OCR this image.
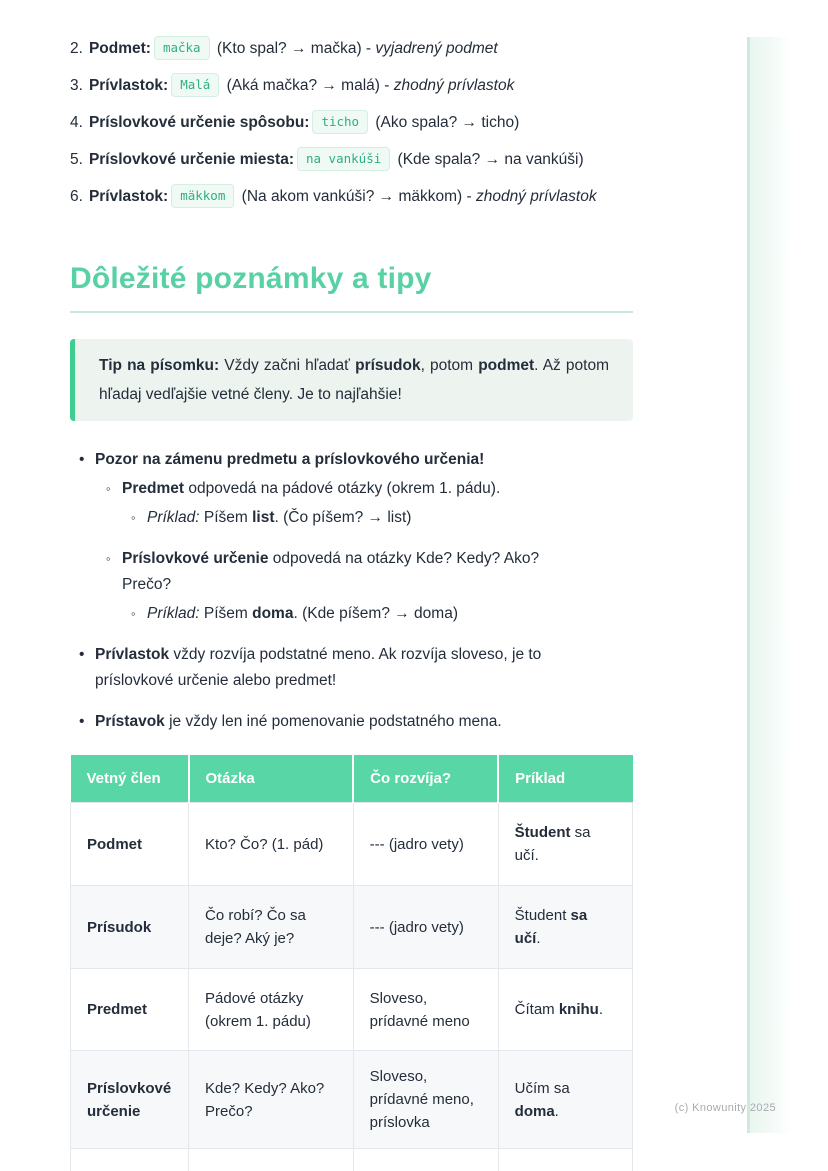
(c) Knowunity 2025
2. Podmet: mačka (Kto spal? → mačka) - vyjadrený podmet
3. Prívlastok: Malá (Aká mačka? → malá) - zhodný prívlastok
4. Príslovkové určenie spôsobu: ticho (Ako spala? → ticho)
5. Príslovkové určenie miesta: na vankúši (Kde spala? → na vankúši)
6. Prívlastok: mäkkom (Na akom vankúši? → mäkkom) - zhodný prívlastok
Dôležité poznámky a tipy

Tip na písomku: Vždy začni hľadať prísudok, potom podmet. Až potom hľadaj vedľajšie vetné členy. Je to najľahšie!

• Pozor na zámenu predmetu a príslovkového určenia!
◦ Predmet odpovedá na pádové otázky (okrem 1. pádu).
◦ Príklad: Píšem list. (Čo píšem? → list)
◦ Príslovkové určenie odpovedá na otázky Kde? Kedy? Ako? Prečo?
◦ Príklad: Píšem doma. (Kde píšem? → doma)
• Prívlastok vždy rozvíja podstatné meno. Ak rozvíja sloveso, je to príslovkové určenie alebo predmet!
• Prístavok je vždy len iné pomenovanie podstatného mena.
Vetný člen	Otázka	Čo rozvíja?	Príklad
Podmet	Kto? Čo? (1. pád)	--- (jadro vety)	Študent sa učí.
Prísudok	Čo robí? Čo sa deje? Aký je?	--- (jadro vety)	Študent sa učí.
Predmet	Pádové otázky (okrem 1. pádu)	Sloveso, prídavné meno	Čítam knihu.
Príslovkové určenie	Kde? Kedy? Ako? Prečo?	Sloveso, prídavné meno, príslovka	Učím sa doma.
